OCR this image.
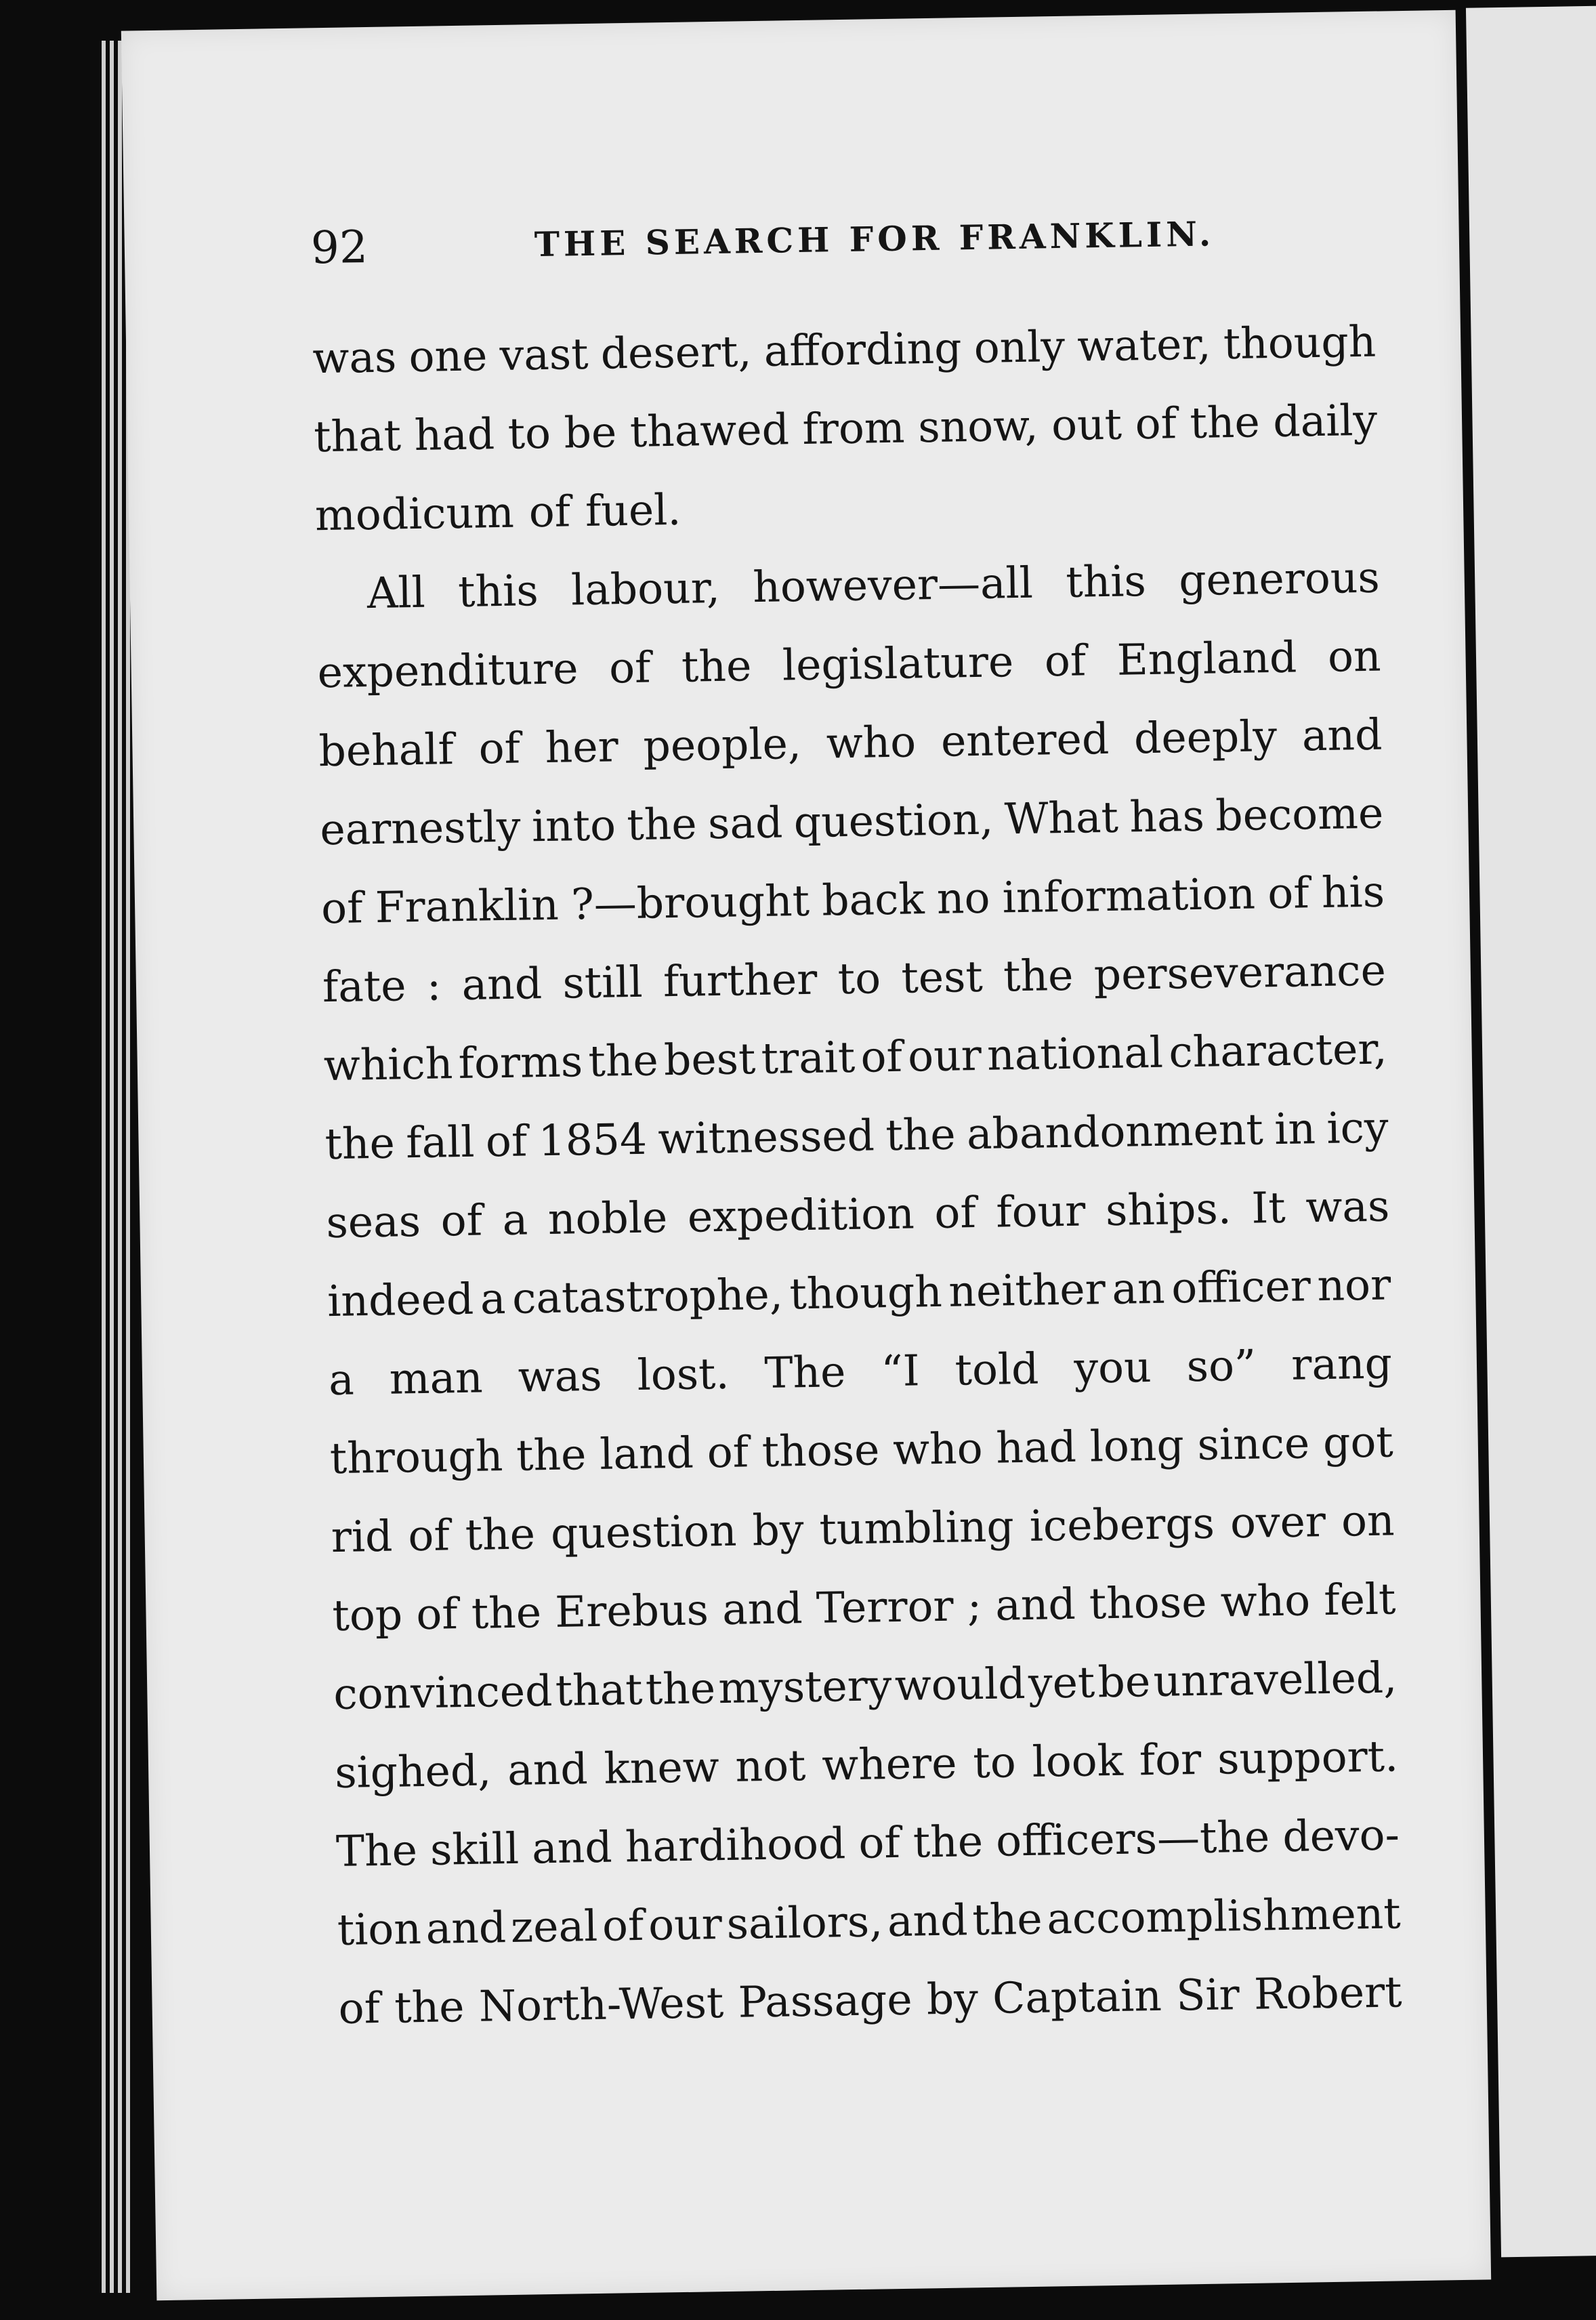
92	THE SEARCH FOR FRANKLIN.
was one vast desert, affording only water, though
that had to be thawed from snow, out of the daily
modicum of fuel.
All this labour, however—all this generous
expenditure of the legislature of England on
behalf of her people, who entered deeply and
earnestly into the sad question, What has become
of Franklin ?—brought back no information of his
fate : and still further to test the perseverance
which forms the best trait of our national character,
the fall of 1854 witnessed the abandonment in icy
seas of a noble expedition of four ships. It was
indeed a catastrophe, though neither an officer nor
a man was lost. The “I told you so” rang
through the land of those who had long since got
rid of the question by tumbling icebergs over on
top of the Erebus and Terror ; and those who felt
convinced that the mystery would yet be unravelled,
sighed, and knew not where to look for support.
The skill and hardihood of the officers—the devo-
tion and zeal of our sailors, and the accomplishment
of the North-West Passage by Captain Sir Robert
